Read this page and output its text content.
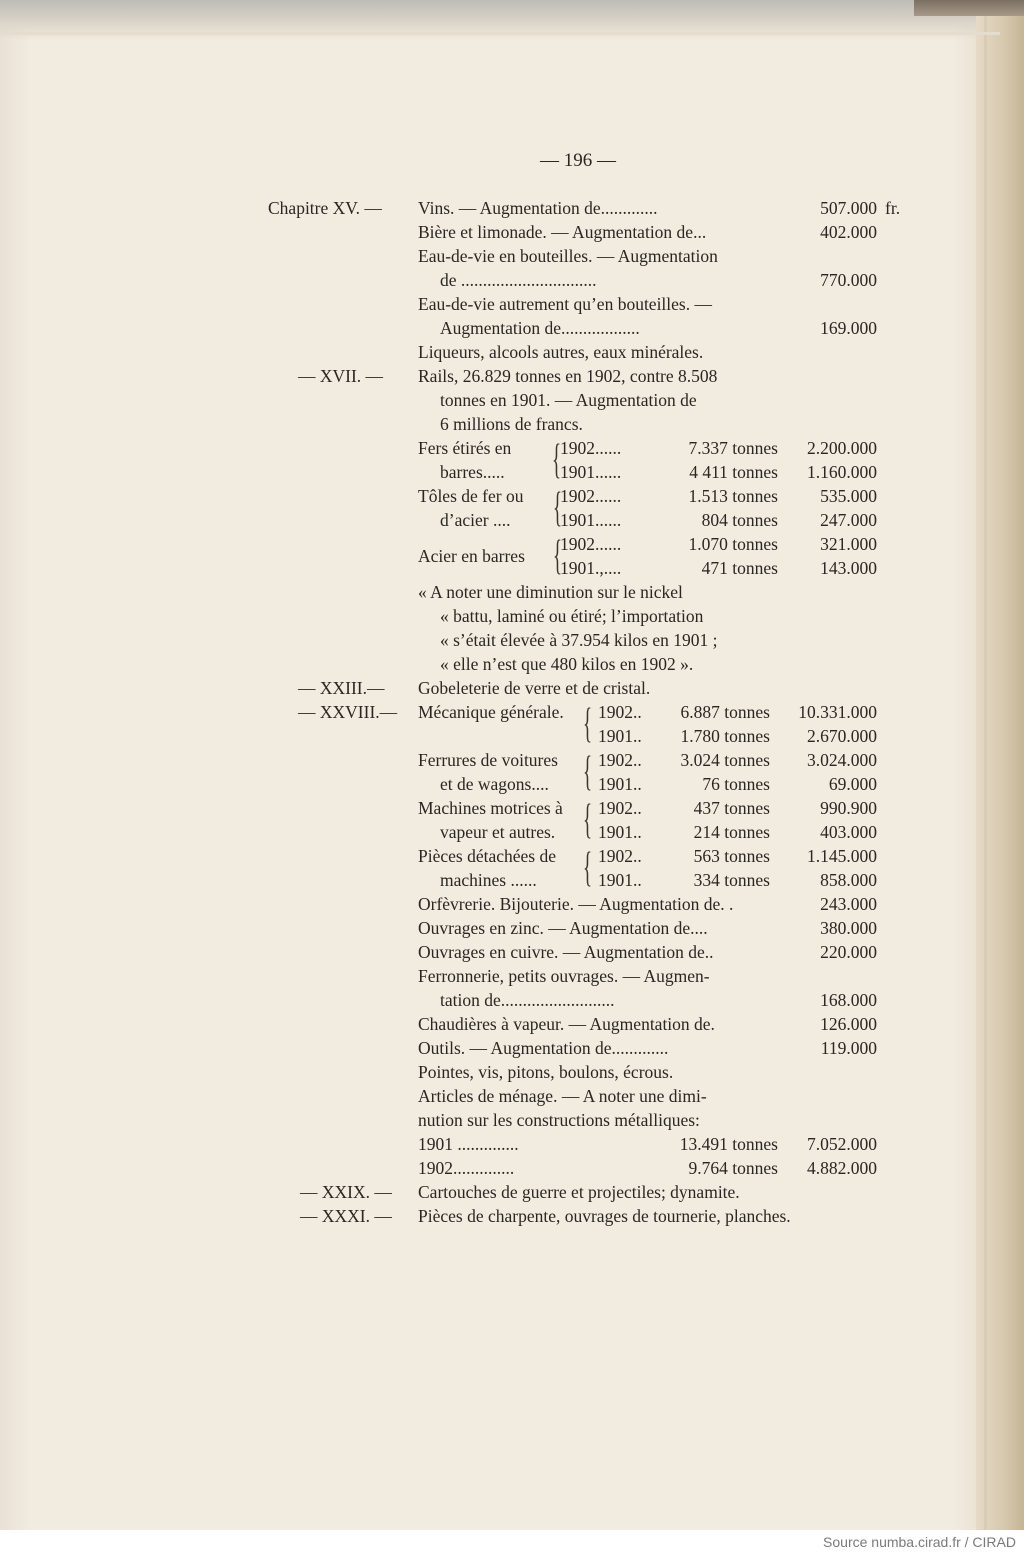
— 196 —
Chapitre XV. — Vins. — Augmentation de.............	507.000 fr.
Bière et limonade. — Augmentation de...	402.000
Eau-de-vie en bouteilles. — Augmentation
de ...............................	770.000
Eau-de-vie autrement qu’en bouteilles. —
Augmentation de..................	169.000
Liqueurs, alcools autres, eaux minérales.
— XVII. — Rails, 26.829 tonnes en 1902, contre 8.508
tonnes en 1901. — Augmentation de
6 millions de francs.
Fers étirés en	1902......	7.337 tonnes	2.200.000
barres.....	1901......	4 411 tonnes	1.160.000
Tôles de fer ou 1902......	1.513 tonnes	535.000
d’acier ....	1901......	804 tonnes	247.000
Acier en barres
1902......	1.070 tonnes	321.000
1901.,....	471 tonnes	143.000
« A noter une diminution sur le nickel
« battu, laminé ou étiré; l’importation
« s’était élevée à 37.954 kilos en 1901 ;
« elle n’est que 480 kilos en 1902 ».
— XXIII.— Gobeleterie de verre et de cristal.
— XXVIII.— Mécanique générale. 1902..	6.887 tonnes	10.331.000
1901..	1.780 tonnes	2.670.000
Ferrures de voitures 1902..	3.024 tonnes	3.024.000
et de wagons....	1901..	76 tonnes	69.000
Machines motrices à 1902..	437 tonnes	990.900
vapeur et autres. 1901..	214 tonnes	403.000
Pièces détachées de 1902..	563 tonnes	1.145.000
machines ......	1901..	334 tonnes	858.000
Orfèvrerie. Bijouterie. — Augmentation de. .	243.000
Ouvrages en zinc. — Augmentation de....	380.000
Ouvrages en cuivre. — Augmentation de..	220.000
Ferronnerie, petits ouvrages. — Augmen-
tation de..........................	168.000
Chaudières à vapeur. — Augmentation de.	126.000
Outils. — Augmentation de.............	119.000
Pointes, vis, pitons, boulons, écrous.
Articles de ménage. — A noter une dimi-
nution sur les constructions métalliques:
1901 ..............	13.491 tonnes	7.052.000
1902..............	9.764 tonnes	4.882.000
— XXIX. — Cartouches de guerre et projectiles; dynamite.
— XXXI. — Pièces de charpente, ouvrages de tournerie, planches.
{
{
{
{
{
{
{
Source numba.cirad.fr / CIRAD
